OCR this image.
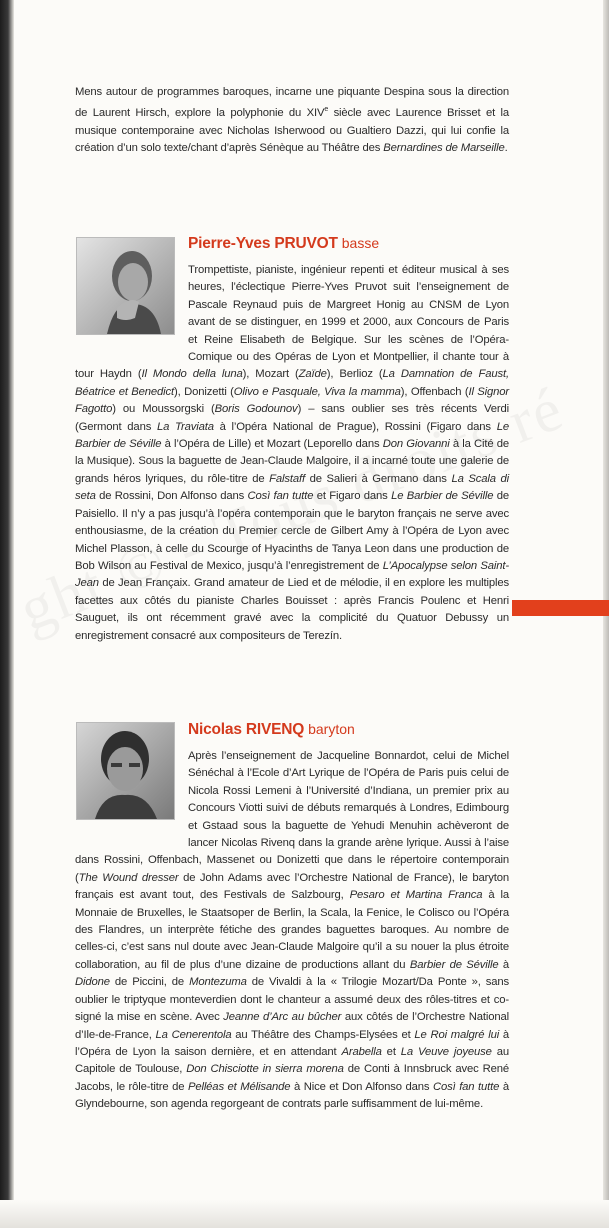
Mens autour de programmes baroques, incarne une piquante Despina sous la direction de Laurent Hirsch, explore la polyphonie du XIVe siècle avec Laurence Brisset et la musique contemporaine avec Nicholas Isherwood ou Gualtiero Dazzi, qui lui confie la création d’un solo texte/chant d’après Sénèque au Théâtre des Bernardines de Marseille.

Pierre-Yves PRUVOT basse

Trompettiste, pianiste, ingénieur repenti et éditeur musical à ses heures, l’éclectique Pierre-Yves Pruvot suit l’enseignement de Pascale Reynaud puis de Margreet Honig au CNSM de Lyon avant de se distinguer, en 1999 et 2000, aux Concours de Paris et Reine Elisabeth de Belgique. Sur les scènes de l’Opéra-Comique ou des Opéras de Lyon et Montpellier, il chante tour à tour Haydn (Il Mondo della luna), Mozart (Zaïde), Berlioz (La Damnation de Faust, Béatrice et Benedict), Donizetti (Olivo e Pasquale, Viva la mamma), Offenbach (Il Signor Fagotto) ou Moussorgski (Boris Godounov) – sans oublier ses très récents Verdi (Germont dans La Traviata à l’Opéra National de Prague), Rossini (Figaro dans Le Barbier de Séville à l’Opéra de Lille) et Mozart (Leporello dans Don Giovanni à la Cité de la Musique). Sous la baguette de Jean-Claude Malgoire, il a incarné toute une galerie de grands héros lyriques, du rôle-titre de Falstaff de Salieri à Germano dans La Scala di seta de Rossini, Don Alfonso dans Così fan tutte et Figaro dans Le Barbier de Séville de Paisiello. Il n’y a pas jusqu’à l’opéra contemporain que le baryton français ne serve avec enthousiasme, de la création du Premier cercle de Gilbert Amy à l’Opéra de Lyon avec Michel Plasson, à celle du Scourge of Hyacinths de Tanya Leon dans une production de Bob Wilson au Festival de Mexico, jusqu’à l’enregistrement de L’Apocalypse selon Saint-Jean de Jean Françaix. Grand amateur de Lied et de mélodie, il en explore les multiples facettes aux côtés du pianiste Charles Bouisset : après Francis Poulenc et Henri Sauguet, ils ont récemment gravé avec la complicité du Quatuor Debussy un enregistrement consacré aux compositeurs de Terezín.

Nicolas RIVENQ baryton

Après l’enseignement de Jacqueline Bonnardot, celui de Michel Sénéchal à l’Ecole d’Art Lyrique de l’Opéra de Paris puis celui de Nicola Rossi Lemeni à l’Université d’Indiana, un premier prix au Concours Viotti suivi de débuts remarqués à Londres, Edimbourg et Gstaad sous la baguette de Yehudi Menuhin achèveront de lancer Nicolas Rivenq dans la grande arène lyrique. Aussi à l’aise dans Rossini, Offenbach, Massenet ou Donizetti que dans le répertoire contemporain (The Wound dresser de John Adams avec l’Orchestre National de France), le baryton français est avant tout, des Festivals de Salzbourg, Pesaro et Martina Franca à la Monnaie de Bruxelles, le Staatsoper de Berlin, la Scala, la Fenice, le Colisco ou l’Opéra des Flandres, un interprète fétiche des grandes baguettes baroques. Au nombre de celles-ci, c’est sans nul doute avec Jean-Claude Malgoire qu’il a su nouer la plus étroite collaboration, au fil de plus d’une dizaine de productions allant du Barbier de Séville à Didone de Piccini, de Montezuma de Vivaldi à la « Trilogie Mozart/Da Ponte », sans oublier le triptyque monteverdien dont le chanteur a assumé deux des rôles-titres et co-signé la mise en scène. Avec Jeanne d’Arc au bûcher aux côtés de l’Orchestre National d’Ile-de-France, La Cenerentola au Théâtre des Champs-Elysées et Le Roi malgré lui à l’Opéra de Lyon la saison dernière, et en attendant Arabella et La Veuve joyeuse au Capitole de Toulouse, Don Chisciotte in sierra morena de Conti à Innsbruck avec René Jacobs, le rôle-titre de Pelléas et Mélisande à Nice et Don Alfonso dans Così fan tutte à Glyndebourne, son agenda regorgeant de contrats parle suffisamment de lui-même.
